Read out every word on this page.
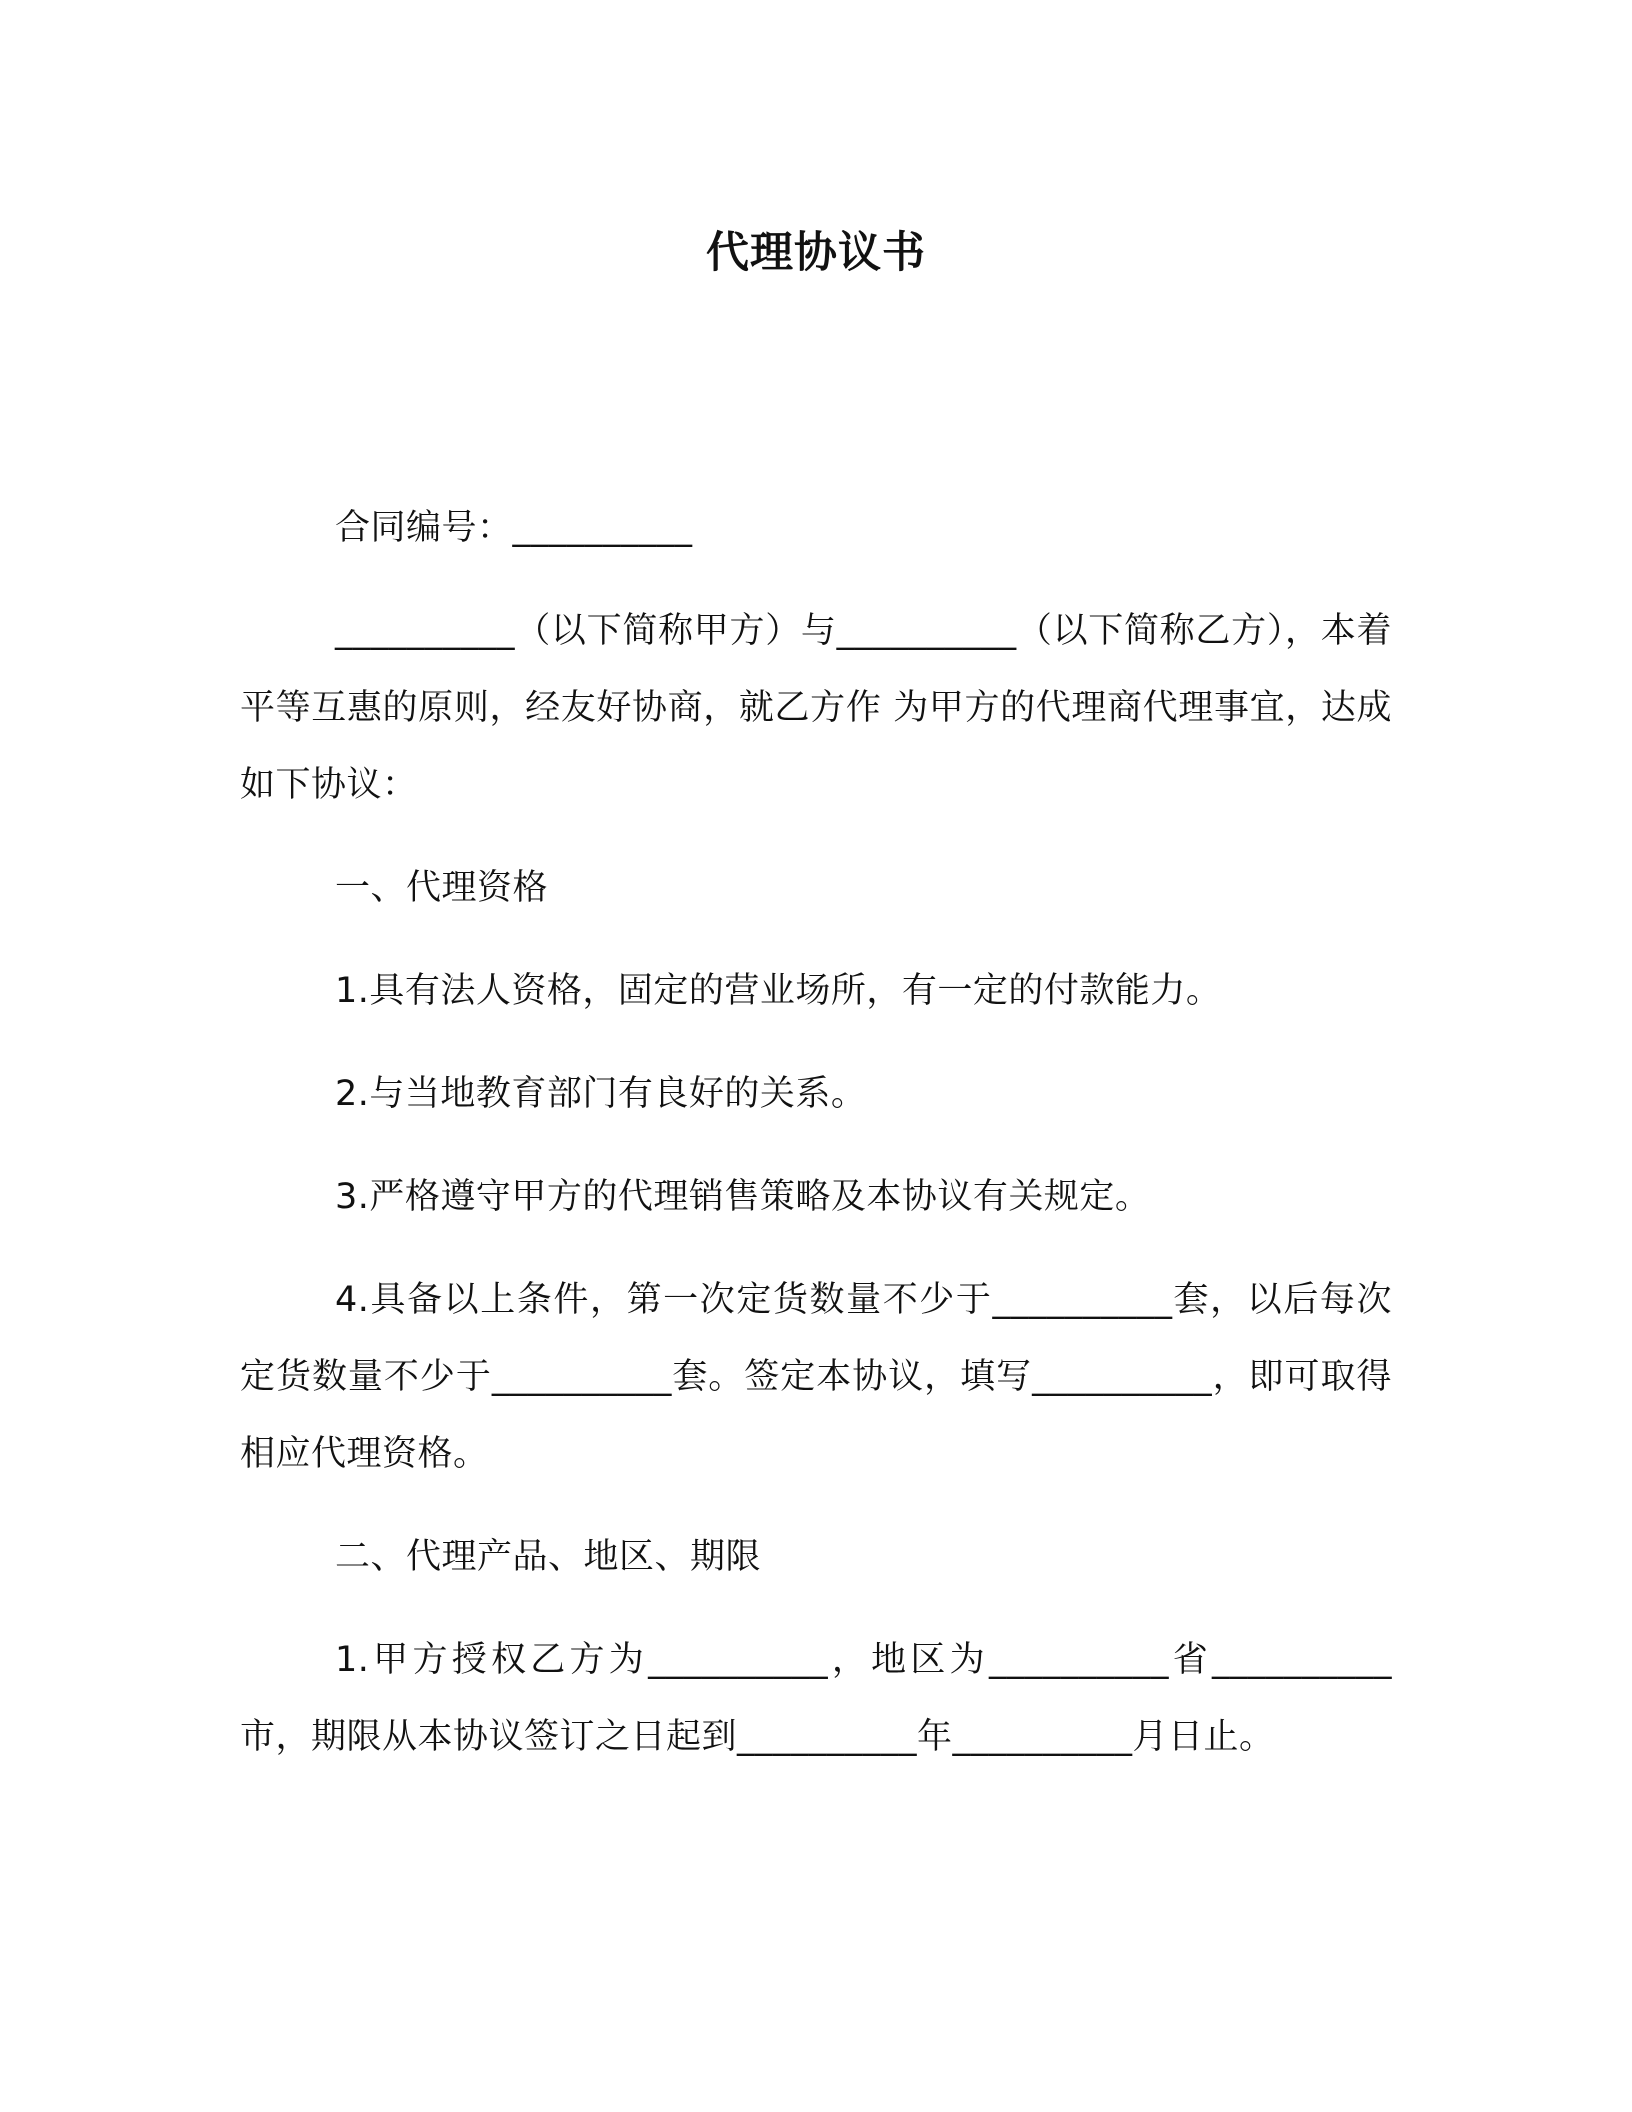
代理协议书

合同编号：__________

__________（以下简称甲方）与__________（以下简称乙方），本着平等互惠的原则，经友好协商，就乙方作 为甲方的代理商代理事宜，达成如下协议：

一、代理资格

1.具有法人资格，固定的营业场所，有一定的付款能力。

2.与当地教育部门有良好的关系。

3.严格遵守甲方的代理销售策略及本协议有关规定。

4.具备以上条件，第一次定货数量不少于__________套，以后每次定货数量不少于__________套。签定本协议，填写__________，即可取得相应代理资格。

二、代理产品、地区、期限

1.甲方授权乙方为__________，地区为__________省__________市，期限从本协议签订之日起到__________年__________月日止。
